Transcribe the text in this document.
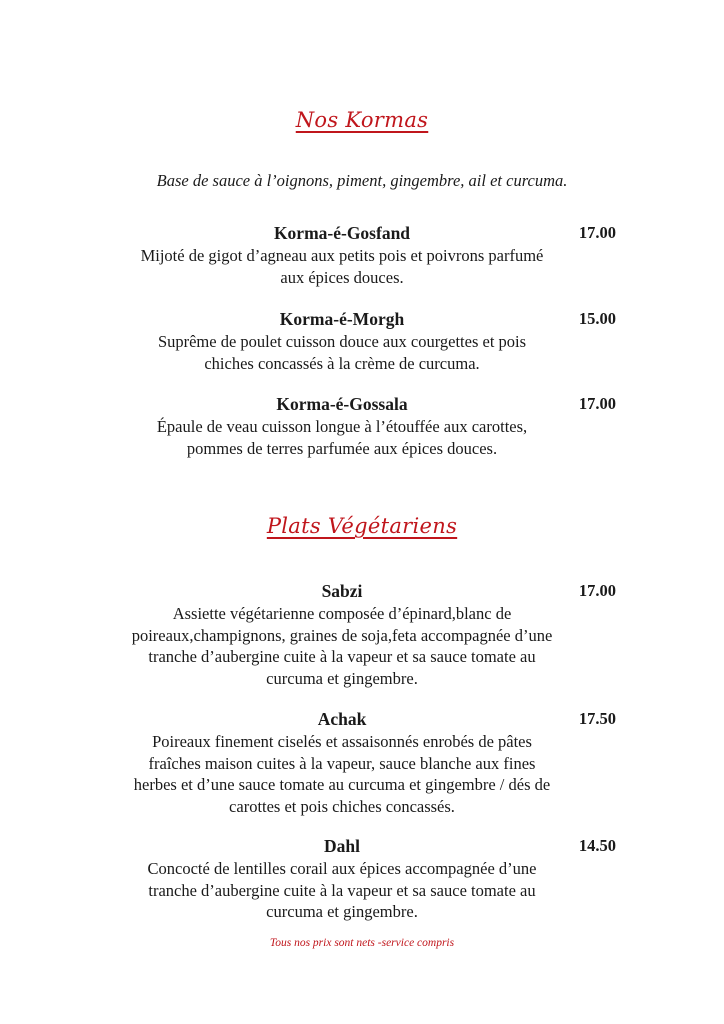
Nos Kormas

Base de sauce à l’oignons, piment, gingembre, ail et curcuma.

Korma-é-Gosfand	17.00
Mijoté de gigot d’agneau aux petits pois et poivrons parfumé
aux épices douces.
Korma-é-Morgh	15.00
Suprême de poulet cuisson douce aux courgettes et pois
chiches concassés à la crème de curcuma.
Korma-é-Gossala	17.00
Épaule de veau cuisson longue à l’étouffée aux carottes,
pommes de terres parfumée aux épices douces.
Plats Végétariens
Sabzi	17.00
Assiette végétarienne composée d’épinard,blanc de
poireaux,champignons, graines de soja,feta accompagnée d’une
tranche d’aubergine cuite à la vapeur et sa sauce tomate au
curcuma et gingembre.
Achak	17.50
Poireaux finement ciselés et assaisonnés enrobés de pâtes
fraîches maison cuites à la vapeur, sauce blanche aux fines
herbes et d’une sauce tomate au curcuma et gingembre / dés de
carottes et pois chiches concassés.
Dahl	14.50
Concocté de lentilles corail aux épices accompagnée d’une
tranche d’aubergine cuite à la vapeur et sa sauce tomate au
curcuma et gingembre.
Tous nos prix sont nets -service compris
